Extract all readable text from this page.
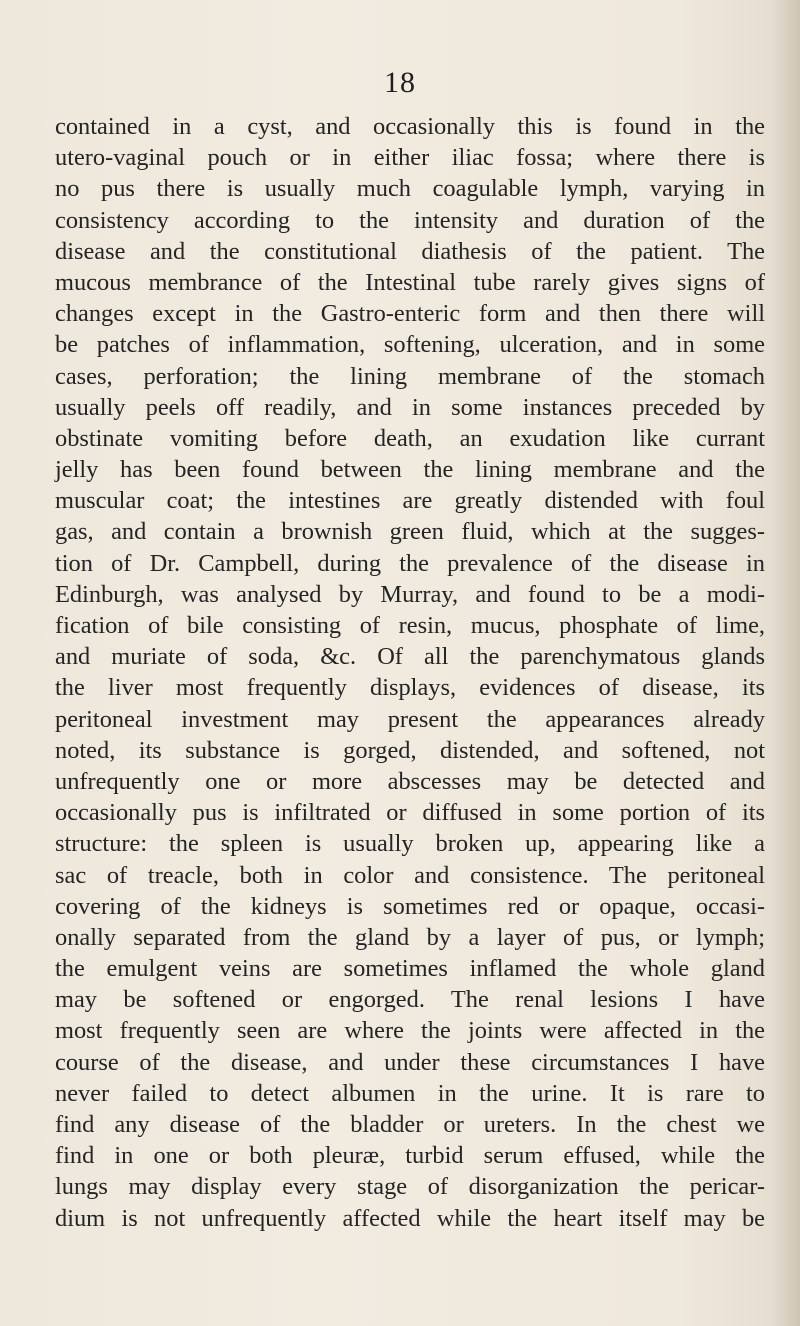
18
contained in a cyst, and occasionally this is found in the
utero-vaginal pouch or in either iliac fossa; where there is
no pus there is usually much coagulable lymph, varying in
consistency according to the intensity and duration of the
disease and the constitutional diathesis of the patient. The
mucous membrance of the Intestinal tube rarely gives signs of
changes except in the Gastro-enteric form and then there will
be patches of inflammation, softening, ulceration, and in some
cases, perforation; the lining membrane of the stomach
usually peels off readily, and in some instances preceded by
obstinate vomiting before death, an exudation like currant
jelly has been found between the lining membrane and the
muscular coat; the intestines are greatly distended with foul
gas, and contain a brownish green fluid, which at the sugges-
tion of Dr. Campbell, during the prevalence of the disease in
Edinburgh, was analysed by Murray, and found to be a modi-
fication of bile consisting of resin, mucus, phosphate of lime,
and muriate of soda, &c. Of all the parenchymatous glands
the liver most frequently displays, evidences of disease, its
peritoneal investment may present the appearances already
noted, its substance is gorged, distended, and softened, not
unfrequently one or more abscesses may be detected and
occasionally pus is infiltrated or diffused in some portion of its
structure: the spleen is usually broken up, appearing like a
sac of treacle, both in color and consistence. The peritoneal
covering of the kidneys is sometimes red or opaque, occasi-
onally separated from the gland by a layer of pus, or lymph;
the emulgent veins are sometimes inflamed the whole gland
may be softened or engorged. The renal lesions I have
most frequently seen are where the joints were affected in the
course of the disease, and under these circumstances I have
never failed to detect albumen in the urine. It is rare to
find any disease of the bladder or ureters. In the chest we
find in one or both pleuræ, turbid serum effused, while the
lungs may display every stage of disorganization the pericar-
dium is not unfrequently affected while the heart itself may be
